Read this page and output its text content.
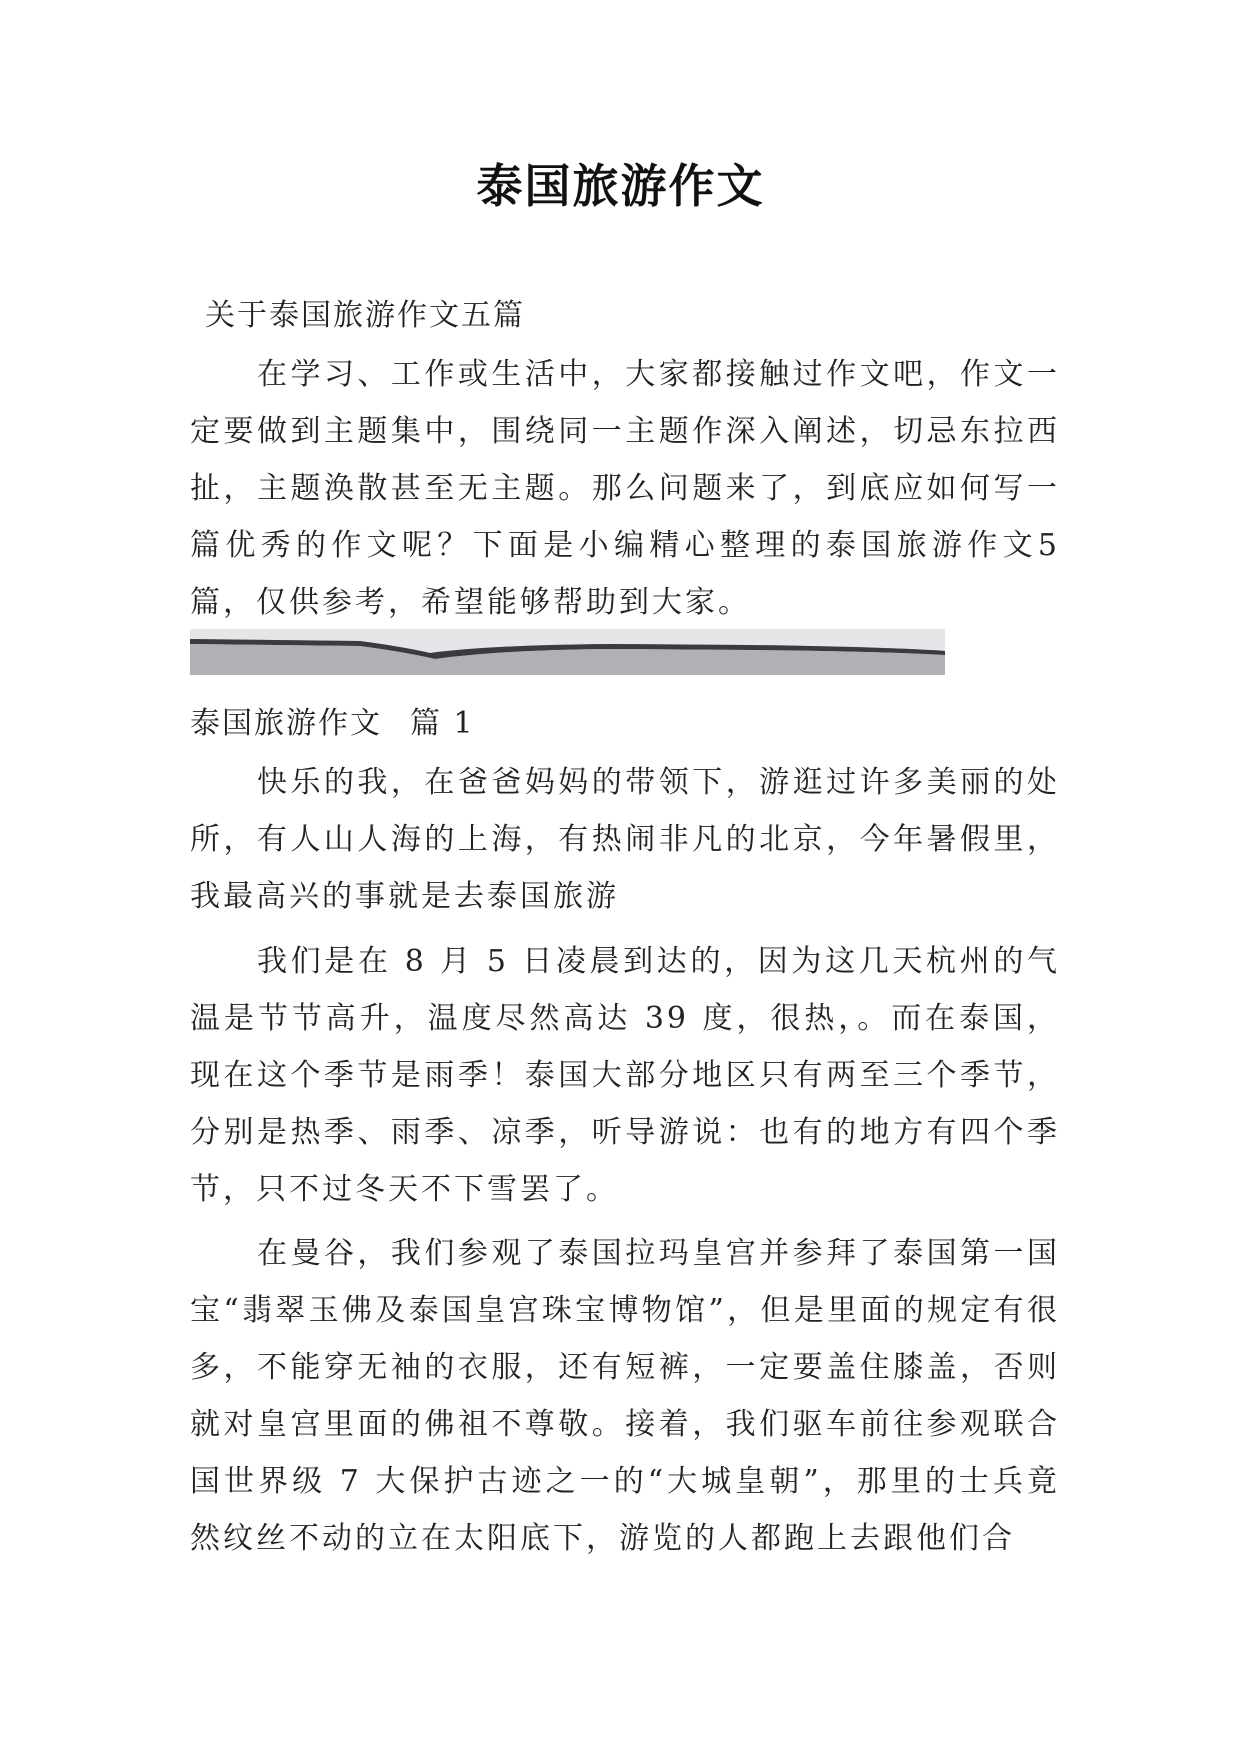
泰国旅游作文

关于泰国旅游作文五篇

在学习、工作或生活中，大家都接触过作文吧，作文一定要做到主题集中，围绕同一主题作深入阐述，切忌东拉西扯，主题涣散甚至无主题。那么问题来了，到底应如何写一篇优秀的作文呢？下面是小编精心整理的泰国旅游作文5篇，仅供参考，希望能够帮助到大家。

泰国旅游作文 篇 1

快乐的我，在爸爸妈妈的带领下，游逛过许多美丽的处所，有人山人海的上海，有热闹非凡的北京，今年暑假里，我最高兴的事就是去泰国旅游

我们是在 8 月 5 日凌晨到达的，因为这几天杭州的气温是节节高升，温度尽然高达 39 度，很热，。而在泰国，现在这个季节是雨季！泰国大部分地区只有两至三个季节，分别是热季、雨季、凉季，听导游说：也有的地方有四个季节，只不过冬天不下雪罢了。

在曼谷，我们参观了泰国拉玛皇宫并参拜了泰国第一国宝“翡翠玉佛及泰国皇宫珠宝博物馆”，但是里面的规定有很多，不能穿无袖的衣服，还有短裤，一定要盖住膝盖，否则就对皇宫里面的佛祖不尊敬。接着，我们驱车前往参观联合国世界级 7 大保护古迹之一的“大城皇朝”，那里的士兵竟然纹丝不动的立在太阳底下，游览的人都跑上去跟他们合
